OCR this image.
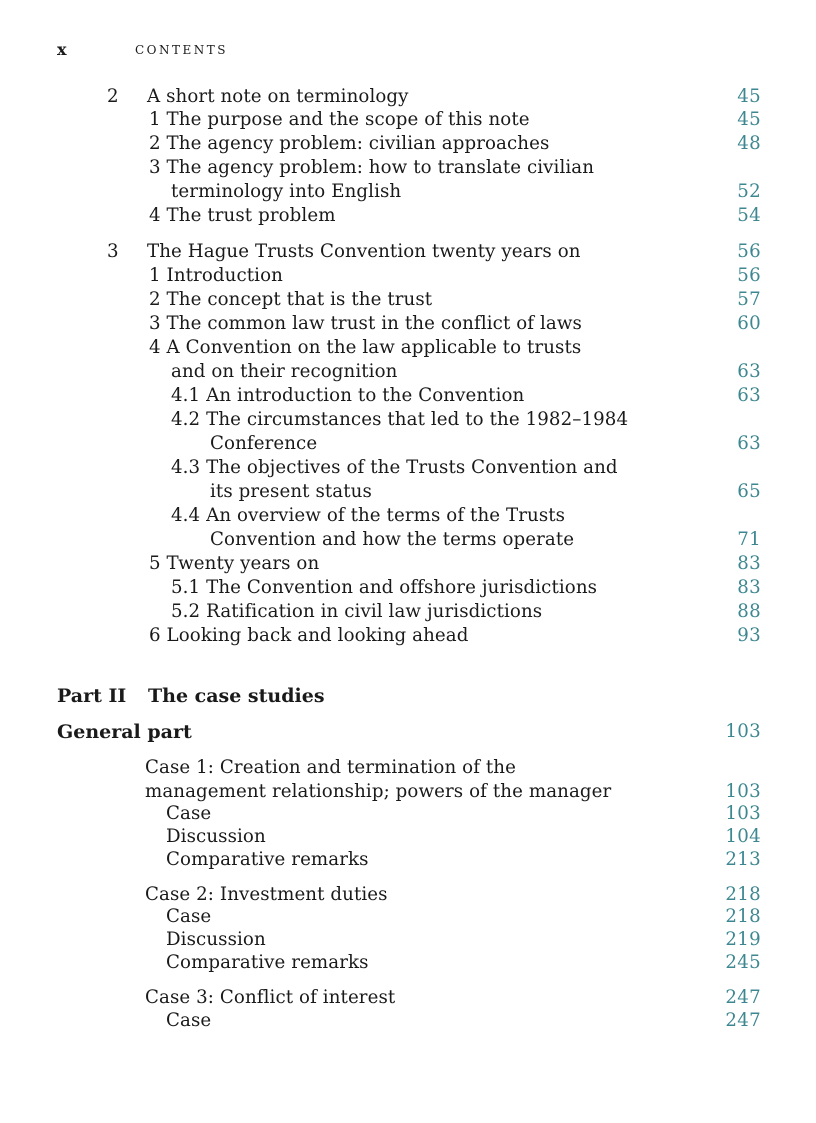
x	CONTENTS
2 A short note on terminology	45
1 The purpose and the scope of this note	45
2 The agency problem: civilian approaches	48
3 The agency problem: how to translate civilian
terminology into English	52
4 The trust problem	54
3 The Hague Trusts Convention twenty years on	56
1 Introduction	56
2 The concept that is the trust	57
3 The common law trust in the conflict of laws	60
4 A Convention on the law applicable to trusts
and on their recognition	63
4.1 An introduction to the Convention	63
4.2 The circumstances that led to the 1982–1984
Conference	63
4.3 The objectives of the Trusts Convention and
its present status	65
4.4 An overview of the terms of the Trusts
Convention and how the terms operate	71
5 Twenty years on	83
5.1 The Convention and offshore jurisdictions	83
5.2 Ratification in civil law jurisdictions	88
6 Looking back and looking ahead	93
Part II The case studies
General part	103
Case 1: Creation and termination of the
management relationship; powers of the manager	103
Case	103
Discussion	104
Comparative remarks	213
Case 2: Investment duties	218
Case	218
Discussion	219
Comparative remarks	245
Case 3: Conflict of interest	247
Case	247
